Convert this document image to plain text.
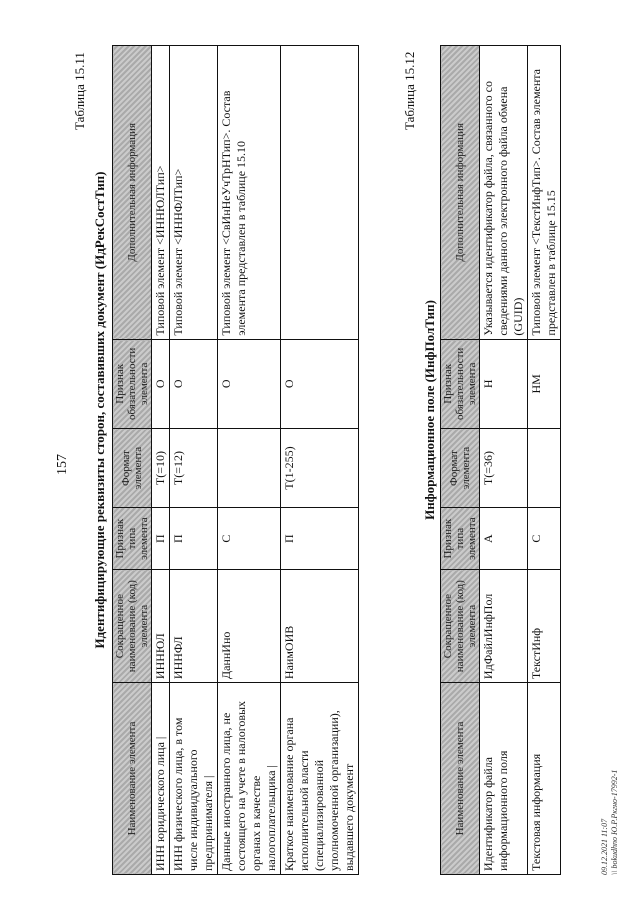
157
Таблица 15.11
Идентифицирующие реквизиты сторон, составивших документ (ИдРекСостТип)
Наименование элемента	Сокращенное наименование (код) элемента	Признак типа элемента	Формат элемента	Признак обязательности элемента	Дополнительная информация
ИНН юридического лица |	ИННЮЛ	П	T(=10)	О	Типовой элемент <ИННЮЛТип>
ИНН физического лица, в том числе индивидуального предпринимателя |	ИННФЛ	П	T(=12)	О	Типовой элемент <ИННФЛТип>
Данные иностранного лица, не состоящего на учете в налоговых органах в качестве налогоплательщика |	ДаннИно	С		О	Типовой элемент <СвИнНеУчТрНТип>. Состав элемента представлен в таблице 15.10
Краткое наименование органа исполнительной власти (специализированной уполномоченной организации), выдавшего документ	НаимОИВ	П	T(1-255)	О	
Таблица 15.12
Информационное поле (ИнфПолТип)
Наименование элемента	Сокращенное наименование (код) элемента	Признак типа элемента	Формат элемента	Признак обязательности элемента	Дополнительная информация
Идентификатор файла информационного поля	ИдФайлИнфПол	А	T(=36)	Н	Указывается идентификатор файла, связанного со сведениями данного электронного файла обмена (GUID)
Текстовая информация	ТекстИнф	С		НМ	Типовой элемент <ТекстИнфТип>. Состав элемента представлен в таблице 15.15
09.12.2021 11:07 \\ bokudhno Ю.Р.Ркгно-17992-1
